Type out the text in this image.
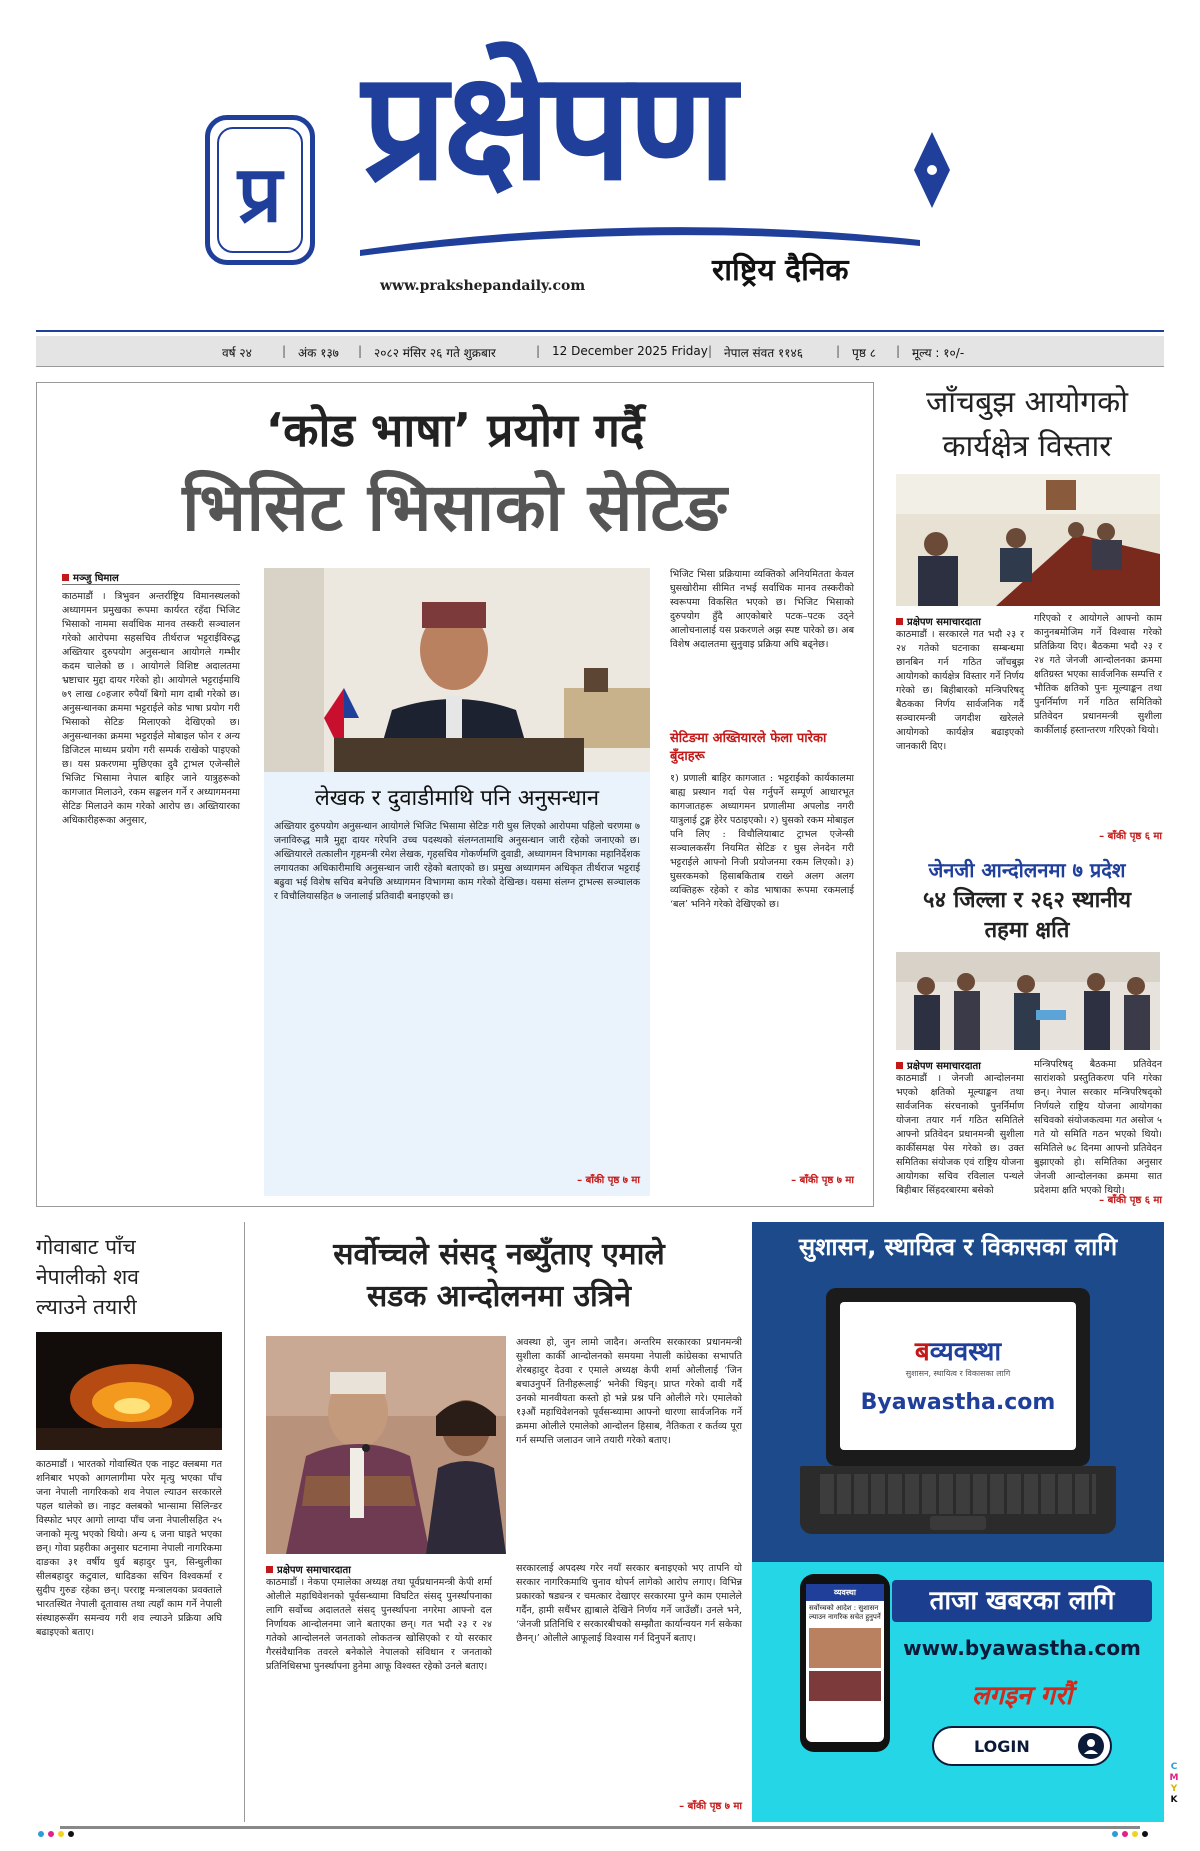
प्र प्रक्षेपण
राष्ट्रिय दैनिक
www.prakshepandaily.com
वर्ष २४	| अंक १३७ | २०८२ मंसिर २६ गते शुक्रबार	| 12 December 2025 Friday | नेपाल संवत ११४६	| पृष्ठ ८ | मूल्य : १०/-
‘कोड भाषा’ प्रयोग गर्दै
भिसिट भिसाको सेटिङ
मञ्जु घिमाल
काठमाडौं । त्रिभुवन अन्तर्राष्ट्रिय विमानस्थलको अध्यागमन प्रमुखका रूपमा कार्यरत रहँदा भिजिट भिसाको नाममा सर्वाधिक मानव तस्करी सञ्चालन गरेको आरोपमा सहसचिव तीर्थराज भट्टराईविरुद्ध अख्तियार दुरुपयोग अनुसन्धान आयोगले गम्भीर कदम चालेको छ । आयोगले विशिष्ट अदालतमा भ्रष्टाचार मुद्दा दायर गरेको हो। आयोगले भट्टराईमाथि ७९ लाख ८०हजार रुपैयाँ बिगो माग दाबी गरेको छ। अनुसन्धानका क्रममा भट्टराईले कोड भाषा प्रयोग गरी भिसाको सेटिङ मिलाएको देखिएको छ। अनुसन्धानका क्रममा भट्टराईले मोबाइल फोन र अन्य डिजिटल माध्यम प्रयोग गरी सम्पर्क राखेको पाइएको छ। यस प्रकरणमा मुछिएका दुवै ट्राभल एजेन्सीले भिजिट भिसामा नेपाल बाहिर जाने यात्रुहरूको कागजात मिलाउने, रकम सङ्कलन गर्ने र अध्यागमनमा सेटिङ मिलाउने काम गरेको आरोप छ। अख्तियारका अधिकारीहरूका अनुसार,
लेखक र दुवाडीमाथि पनि अनुसन्धान
अख्तियार दुरुपयोग अनुसन्धान आयोगले भिजिट भिसामा सेटिङ गरी घुस लिएको आरोपमा पहिलो चरणमा ७ जनाविरुद्ध मात्रै मुद्दा दायर गरेपनि उच्च पदस्थको संलग्नतामाथि अनुसन्धान जारी रहेको जनाएको छ। अख्तियारले तत्कालीन गृहमन्त्री रमेश लेखक, गृहसचिव गोकर्णमणि दुवाडी, अध्यागमन विभागका महानिर्देशक लगायतका अधिकारीमाथि अनुसन्धान जारी रहेको बताएको छ। प्रमुख अध्यागमन अधिकृत तीर्थराज भट्टराई बढुवा भई विशेष सचिव बनेपछि अध्यागमन विभागमा काम गरेको देखिन्छ। यसमा संलग्न ट्राभल्स सञ्चालक र विचौलियासहित ७ जनालाई प्रतिवादी बनाइएको छ।
– बाँकी पृष्ठ ७ मा
भिजिट भिसा प्रक्रियामा व्यक्तिको अनियमितता केवल घुसखोरीमा सीमित नभई सर्वाधिक मानव तस्करीको स्वरूपमा विकसित भएको छ। भिजिट भिसाको दुरुपयोग हुँदै आएकोबारे पटक–पटक उठ्ने आलोचनालाई यस प्रकरणले अझ स्पष्ट पारेको छ। अब विशेष अदालतमा सुनुवाइ प्रक्रिया अघि बढ्नेछ।
सेटिङमा अख्तियारले फेला पारेका बुँदाहरू
१) प्रणाली बाहिर कागजात : भट्टराईको कार्यकालमा बाह्य प्रस्थान गर्दा पेस गर्नुपर्ने सम्पूर्ण आधारभूत कागजातहरू अध्यागमन प्रणालीमा अपलोड नगरी यात्रुलाई टुङ्ग हेरेर पठाइएको। २) घुसको रकम मोबाइल पनि लिए : विचौलियाबाट ट्राभल एजेन्सी सञ्चालकसँग नियमित सेटिङ र घुस लेनदेन गरी भट्टराईले आफ्नो निजी प्रयोजनमा रकम लिएको। ३) घुसरकमको हिसाबकिताब राख्ने अलग अलग व्यक्तिहरू रहेको र कोड भाषाका रूपमा रकमलाई ‘बल’ भनिने गरेको देखिएको छ।
– बाँकी पृष्ठ ७ मा
जाँचबुझ आयोगको
कार्यक्षेत्र विस्तार
प्रक्षेपण समाचारदाता
काठमाडौं । सरकारले गत भदौ २३ र २४ गतेको घटनाका सम्बन्धमा छानबिन गर्न गठित जाँचबुझ आयोगको कार्यक्षेत्र विस्तार गर्ने निर्णय गरेको छ। बिहीबारको मन्त्रिपरिषद् बैठकका निर्णय सार्वजनिक गर्दै सञ्चारमन्त्री जगदीश खरेलले आयोगको कार्यक्षेत्र बढाइएको जानकारी दिए।
गरिएको र आयोगले आफ्नो काम कानुनबमोजिम गर्ने विश्वास गरेको प्रतिक्रिया दिए। बैठकमा भदौ २३ र २४ गते जेनजी आन्दोलनका क्रममा क्षतिग्रस्त भएका सार्वजनिक सम्पत्ति र भौतिक क्षतिको पुनः मूल्याङ्कन तथा पुनर्निर्माण गर्ने गठित समितिको प्रतिवेदन प्रधानमन्त्री सुशीला कार्कीलाई हस्तान्तरण गरिएको थियो।
– बाँकी पृष्ठ ६ मा
जेनजी आन्दोलनमा ७ प्रदेश
५४ जिल्ला र २६२ स्थानीय
तहमा क्षति
प्रक्षेपण समाचारदाता
काठमाडौं । जेनजी आन्दोलनमा भएको क्षतिको मूल्याङ्कन तथा सार्वजनिक संरचनाको पुनर्निर्माण योजना तयार गर्न गठित समितिले आफ्नो प्रतिवेदन प्रधानमन्त्री सुशीला कार्कीसमक्ष पेस गरेको छ। उक्त समितिका संयोजक एवं राष्ट्रिय योजना आयोगका सचिव रविलाल पन्थले बिहीबार सिंहदरबारमा बसेको
मन्त्रिपरिषद् बैठकमा प्रतिवेदन सारांशको प्रस्तुतिकरण पनि गरेका छन्। नेपाल सरकार मन्त्रिपरिषद्को निर्णयले राष्ट्रिय योजना आयोगका सचिवको संयोजकत्वमा गत असोज ५ गते यो समिति गठन भएको थियो। समितिले ७८ दिनमा आफ्नो प्रतिवेदन बुझाएको हो। समितिका अनुसार जेनजी आन्दोलनका क्रममा सात प्रदेशमा क्षति भएको थियो।
– बाँकी पृष्ठ ६ मा
गोवाबाट पाँच
नेपालीको शव
ल्याउने तयारी
काठमाडौं । भारतको गोवास्थित एक नाइट क्लबमा गत शनिबार भएको आगलागीमा परेर मृत्यु भएका पाँच जना नेपाली नागरिकको शव नेपाल ल्याउन सरकारले पहल थालेको छ। नाइट क्लबको भान्सामा सिलिन्डर विस्फोट भएर आगो लाग्दा पाँच जना नेपालीसहित २५ जनाको मृत्यु भएको थियो। अन्य ६ जना घाइते भएका छन्। गोवा प्रहरीका अनुसार घटनामा नेपाली नागरिकमा दाङका ३१ वर्षीय धुर्व बहादुर पुन, सिन्धुलीका सीलबहादुर कटुवाल, धादिङका सचिन विश्वकर्मा र सुदीप गुरुङ रहेका छन्। परराष्ट्र मन्त्रालयका प्रवक्ताले भारतस्थित नेपाली दूतावास तथा त्यहाँ काम गर्ने नेपाली संस्थाहरूसँग समन्वय गरी शव ल्याउने प्रक्रिया अघि बढाइएको बताए।
सर्वोच्चले संसद् नब्युँताए एमाले
सडक आन्दोलनमा उत्रिने
अवस्था हो, जुन लामो जादैन। अन्तरिम सरकारका प्रधानमन्त्री सुशीला कार्की आन्दोलनको समयमा नेपाली कांग्रेसका सभापति शेरबहादुर देउवा र एमाले अध्यक्ष केपी शर्मा ओलीलाई ‘जिन बचाउनुपर्ने तिनीहरूलाई’ भनेकी थिइन्। प्राप्त गरेको दावी गर्दै उनको मानवीयता कस्तो हो भन्ने प्रश्न पनि ओलीले गरे। एमालेको १३औं महाधिवेशनको पूर्वसन्ध्यामा आफ्नो धारणा सार्वजनिक गर्ने क्रममा ओलीले एमालेको आन्दोलन हिसाब, नैतिकता र कर्तव्य पूरा गर्न सम्पत्ति जलाउन जाने तयारी गरेको बताए।
प्रक्षेपण समाचारदाता
काठमाडौं । नेकपा एमालेका अध्यक्ष तथा पूर्वप्रधानमन्त्री केपी शर्मा ओलीले महाधिवेशनको पूर्वसन्ध्यामा विघटित संसद्‍ पुनर्स्थापनाका लागि सर्वोच्च अदालतले संसद् पुनर्स्थापना नगरेमा आफ्नो दल निर्णायक आन्दोलनमा जाने बताएका छन्। गत भदौ २३ र २४ गतेको आन्दोलनले जनताको लोकतन्त्र खोसिएको र यो सरकार गैरसंवैधानिक तवरले बनेकोले नेपालको संविधान र जनताको प्रतिनिधिसभा पुनर्स्थापना हुनेमा आफू विश्वस्त रहेको उनले बताए।
सरकारलाई अपदस्थ गरेर नयाँ सरकार बनाइएको भए तापनि यो सरकार नागरिकमाथि चुनाव थोपर्न लागेको आरोप लगाए। विभिन्न प्रकारको षड्यन्त्र र चमत्कार देखाएर सरकारमा पुग्ने काम एमालेले गर्दैन, हामी सधैंभर ह्याबाले देखिने निर्णय गर्ने जाउँछौं। उनले भने, ‘जेनजी प्रतिनिधि र सरकारबीचको सम्झौता कार्यान्वयन गर्न सकेका छैनन्।’ ओलीले आफूलाई विश्वास गर्न दिनुपर्ने बताए।
– बाँकी पृष्ठ ७ मा
सुशासन, स्थायित्व र विकासका लागि
बव्यवस्था
सुशासन, स्थायित्व र विकासका लागि
Byawastha.com
व्यवस्था
सर्वोच्चको आदेश : सुशासन ल्याउन नागरिक सचेत हुनुपर्ने
ताजा खबरका लागि
www.byawastha.com
लगइन गरौं
LOGIN
C
M
Y
K
